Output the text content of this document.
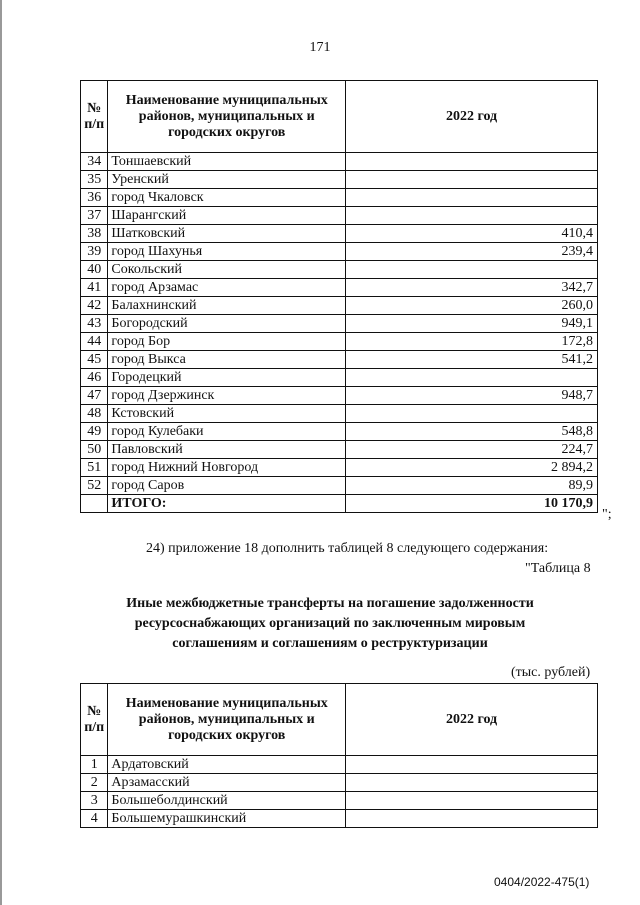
171
№ п/п	Наименование муниципальных районов, муниципальных и городских округов	2022 год
34	Тоншаевский	
35	Уренский	
36	город Чкаловск	
37	Шарангский	
38	Шатковский	410,4
39	город Шахунья	239,4
40	Сокольский	
41	город Арзамас	342,7
42	Балахнинский	260,0
43	Богородский	949,1
44	город Бор	172,8
45	город Выкса	541,2
46	Городецкий	
47	город Дзержинск	948,7
48	Кстовский	
49	город Кулебаки	548,8
50	Павловский	224,7
51	город Нижний Новгород	2 894,2
52	город Саров	89,9
	ИТОГО:	10 170,9
";
24) приложение 18 дополнить таблицей 8 следующего содержания:
"Таблица 8
Иные межбюджетные трансферты на погашение задолженности ресурсоснабжающих организаций по заключенным мировым соглашениям и соглашениям о реструктуризации
(тыс. рублей)
№ п/п	Наименование муниципальных районов, муниципальных и городских округов	2022 год
1	Ардатовский	
2	Арзамасский	
3	Большеболдинский	
4	Большемурашкинский	
0404/2022-475(1)
